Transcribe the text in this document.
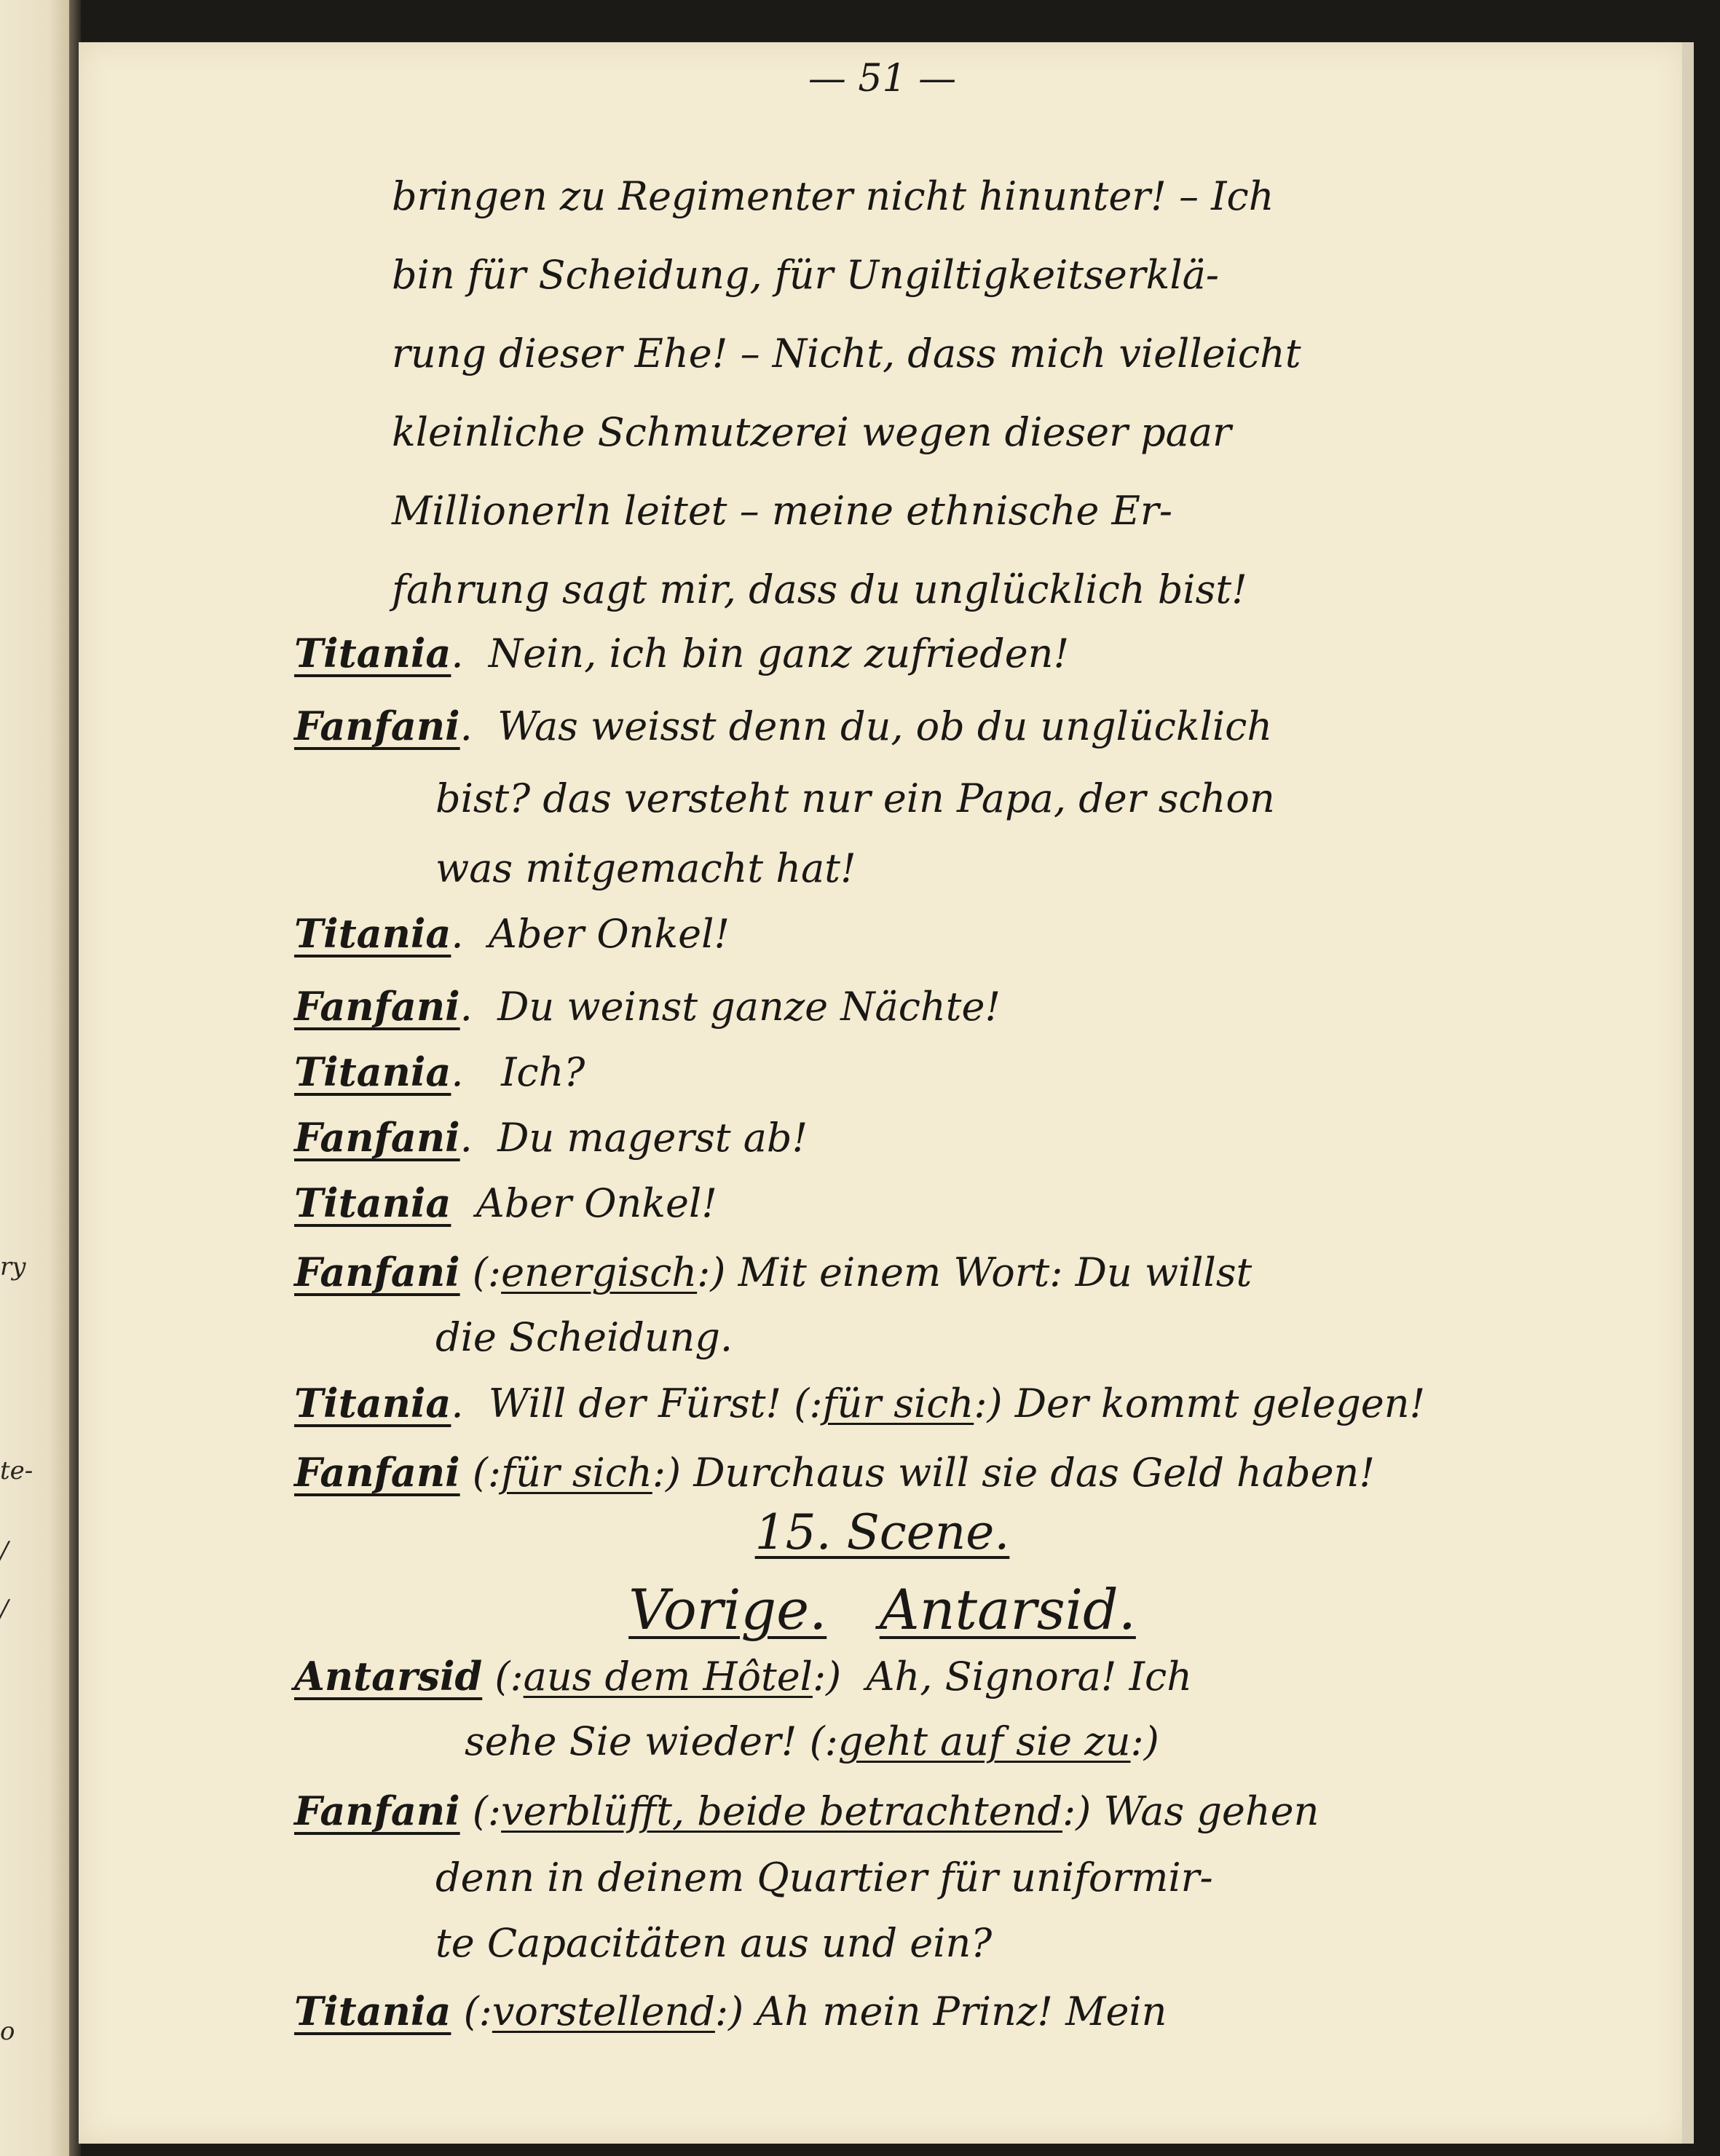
ry
te-
/
/
o
— 51 —
bringen zu Regimenter nicht hinunter! – Ich
bin für Scheidung, für Ungiltigkeitserklä-
rung dieser Ehe! – Nicht, dass mich vielleicht
kleinliche Schmutzerei wegen dieser paar
Millionerln leitet – meine ethnische Er-
fahrung sagt mir, dass du unglücklich bist!
Titania.  Nein, ich bin ganz zufrieden!
Fanfani.  Was weisst denn du, ob du unglücklich
bist? das versteht nur ein Papa, der schon
was mitgemacht hat!
Titania.  Aber Onkel!
Fanfani.  Du weinst ganze Nächte!
Titania.   Ich?
Fanfani.  Du magerst ab!
Titania Aber Onkel!
Fanfani (:energisch:) Mit einem Wort: Du willst
die Scheidung.
Titania.  Will der Fürst! (:für sich:) Der kommt gelegen!
Fanfani (:für sich:) Durchaus will sie das Geld haben!
15. Scene.
Vorige. Antarsid.
Antarsid (:aus dem Hôtel:)  Ah, Signora! Ich
sehe Sie wieder! (:geht auf sie zu:)
Fanfani (:verblüfft, beide betrachtend:) Was gehen
denn in deinem Quartier für uniformir-
te Capacitäten aus und ein?
Titania (:vorstellend:) Ah mein Prinz! Mein
